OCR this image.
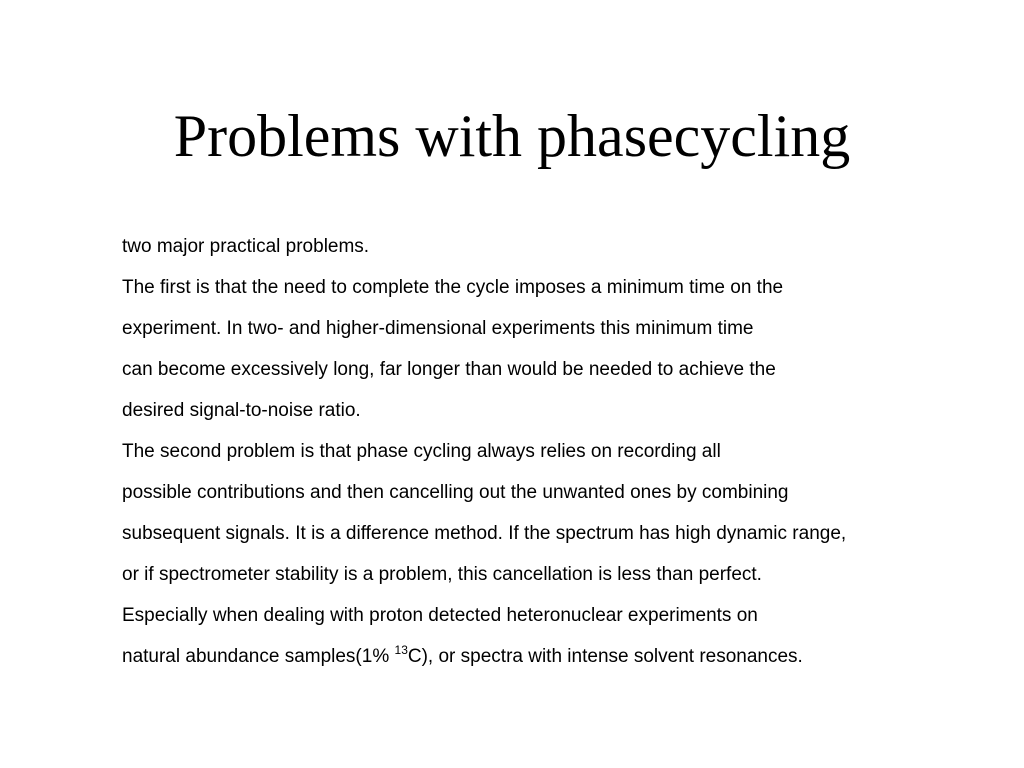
Problems with phasecycling
two major practical problems.
The first is that the need to complete the cycle imposes a minimum time on the
experiment. In two- and higher-dimensional experiments this minimum time
can become excessively long, far longer than would be needed to achieve the
desired signal-to-noise ratio.
The second problem is that phase cycling always relies on recording all
possible contributions and then cancelling out the unwanted ones by combining
subsequent signals. It is a difference method. If the spectrum has high dynamic range,
or if spectrometer stability is a problem, this cancellation is less than perfect.
Especially when dealing with proton detected heteronuclear experiments on
natural abundance samples(1% $^{13}$C), or spectra with intense solvent resonances.
